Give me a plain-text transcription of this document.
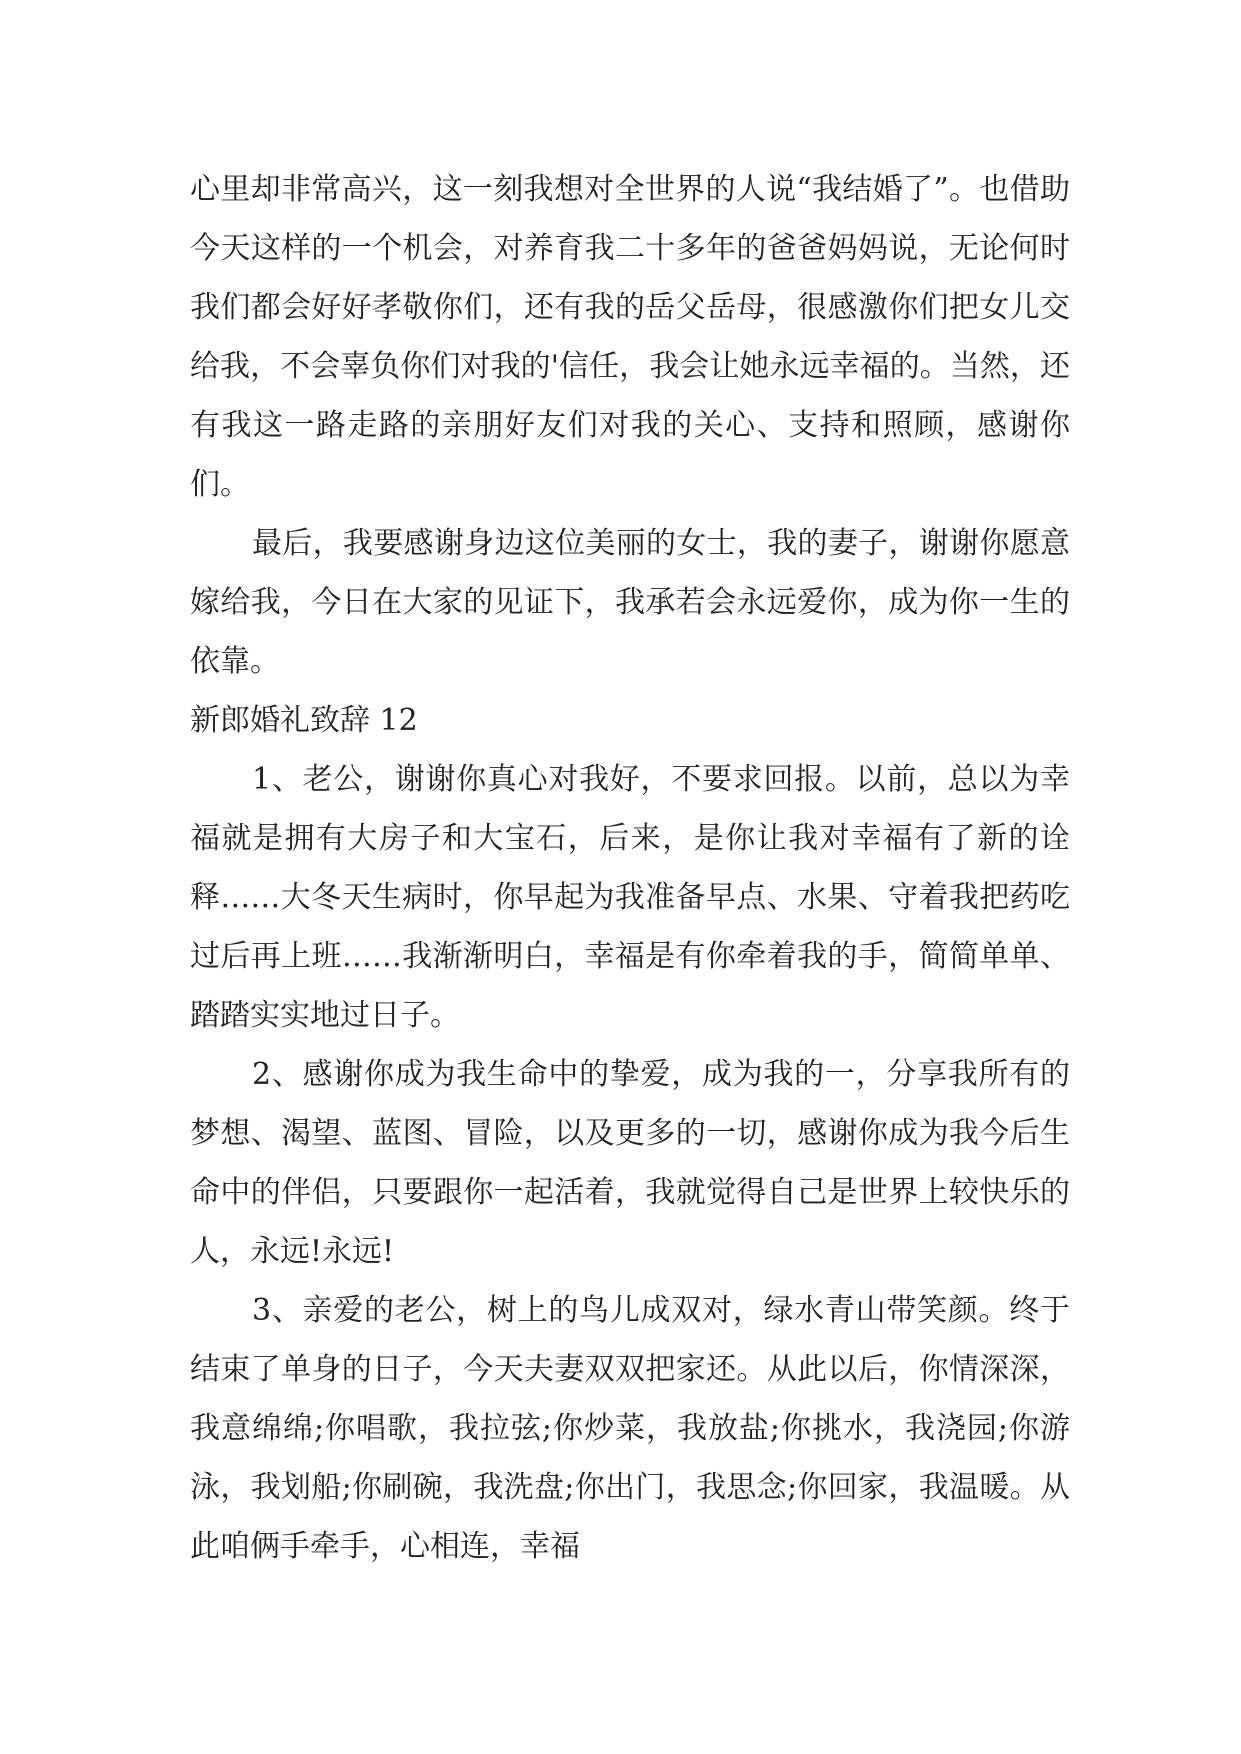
心里却非常高兴，这一刻我想对全世界的人说“我结婚了”。也借助今天这样的一个机会，对养育我二十多年的爸爸妈妈说，无论何时我们都会好好孝敬你们，还有我的岳父岳母，很感激你们把女儿交给我，不会辜负你们对我的'信任，我会让她永远幸福的。当然，还有我这一路走路的亲朋好友们对我的关心、支持和照顾，感谢你们。

最后，我要感谢身边这位美丽的女士，我的妻子，谢谢你愿意嫁给我，今日在大家的见证下，我承若会永远爱你，成为你一生的依靠。

新郎婚礼致辞 12

1、老公，谢谢你真心对我好，不要求回报。以前，总以为幸福就是拥有大房子和大宝石，后来，是你让我对幸福有了新的诠释……大冬天生病时，你早起为我准备早点、水果、守着我把药吃过后再上班……我渐渐明白，幸福是有你牵着我的手，简简单单、踏踏实实地过日子。

2、感谢你成为我生命中的挚爱，成为我的一，分享我所有的梦想、渴望、蓝图、冒险，以及更多的一切，感谢你成为我今后生命中的伴侣，只要跟你一起活着，我就觉得自己是世界上较快乐的人，永远!永远!

3、亲爱的老公，树上的鸟儿成双对，绿水青山带笑颜。终于结束了单身的日子，今天夫妻双双把家还。从此以后，你情深深，我意绵绵;你唱歌，我拉弦;你炒菜，我放盐;你挑水，我浇园;你游泳，我划船;你刷碗，我洗盘;你出门，我思念;你回家，我温暖。从此咱俩手牵手，心相连，幸福
